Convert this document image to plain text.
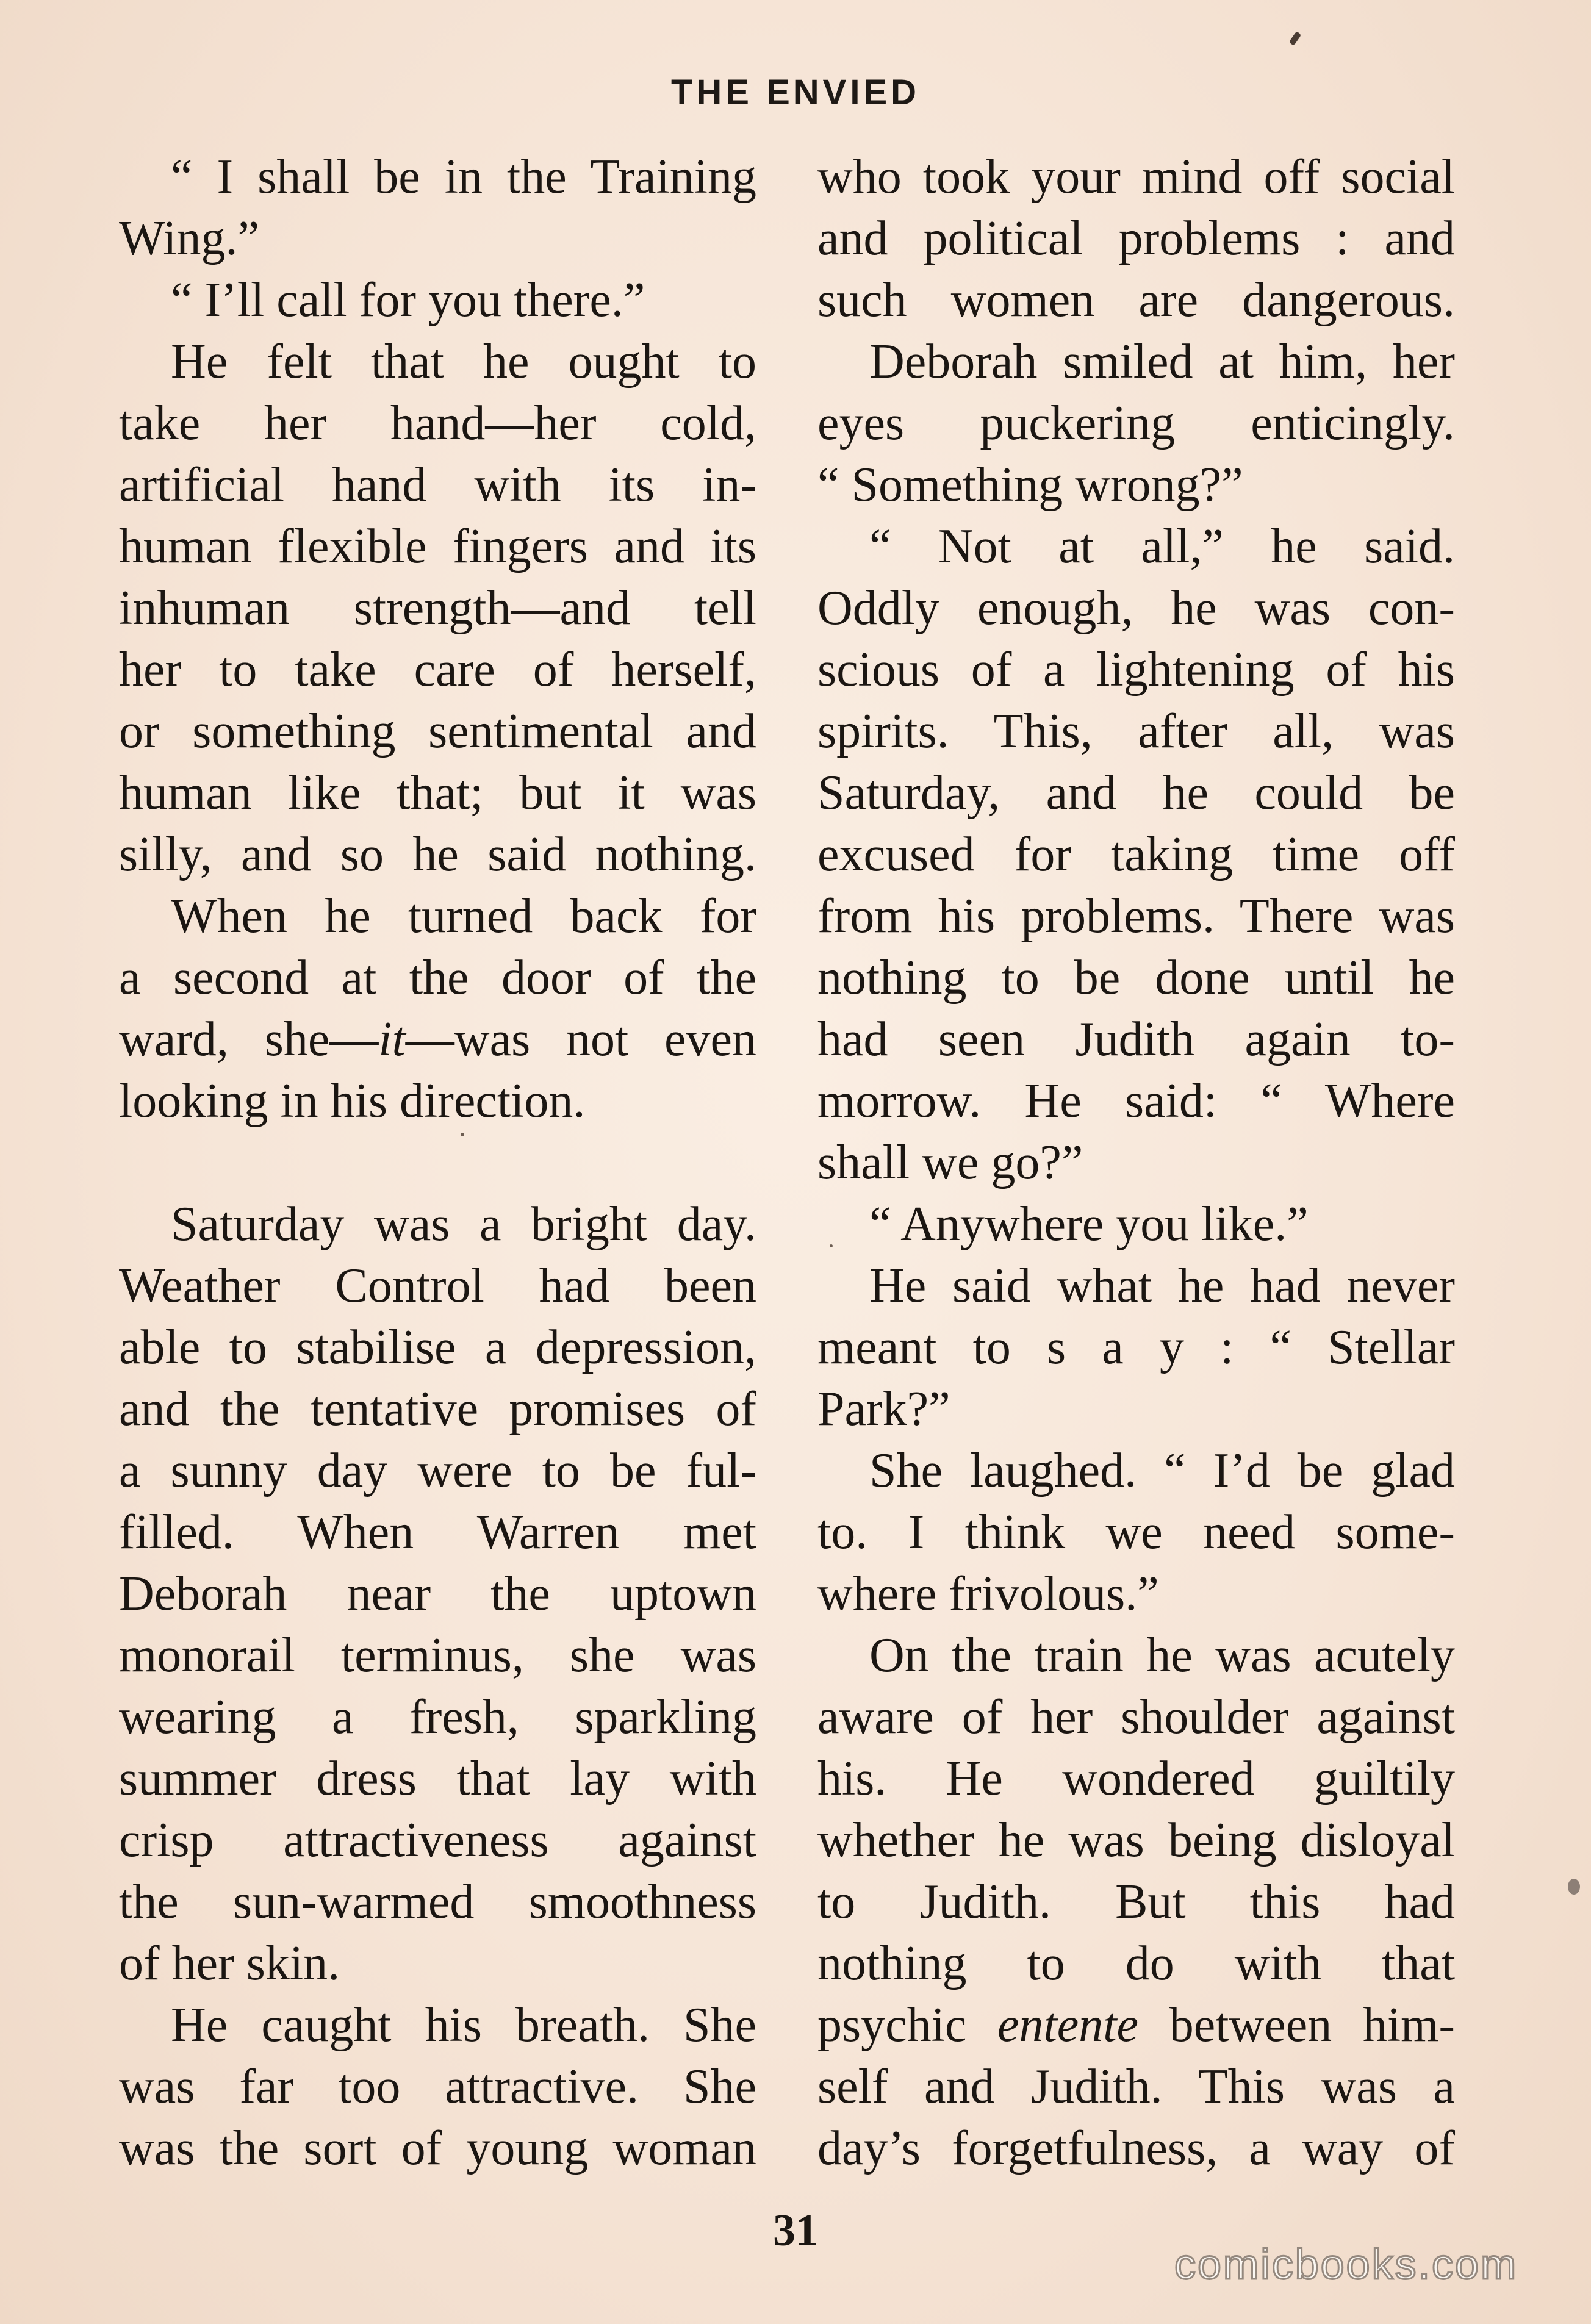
THE ENVIED
“ I shall be in the Training
Wing.”
“ I’ll call for you there.”
He felt that he ought to
take her hand—her cold,
artificial hand with its in-
human flexible fingers and its
inhuman strength—and tell
her to take care of herself,
or something sentimental and
human like that; but it was
silly, and so he said nothing.
When he turned back for
a second at the door of the
ward, she—it—was not even
looking in his direction.
Saturday was a bright day.
Weather Control had been
able to stabilise a depression,
and the tentative promises of
a sunny day were to be ful-
filled. When Warren met
Deborah near the uptown
monorail terminus, she was
wearing a fresh, sparkling
summer dress that lay with
crisp attractiveness against
the sun-warmed smoothness
of her skin.
He caught his breath. She
was far too attractive. She
was the sort of young woman
who took your mind off social
and political problems : and
such women are dangerous.
Deborah smiled at him, her
eyes puckering enticingly.
“ Something wrong?”
“ Not at all,” he said.
Oddly enough, he was con-
scious of a lightening of his
spirits. This, after all, was
Saturday, and he could be
excused for taking time off
from his problems. There was
nothing to be done until he
had seen Judith again to-
morrow. He said: “ Where
shall we go?”
“ Anywhere you like.”
He said what he had never
meant to s a y : “ Stellar
Park?”
She laughed. “ I’d be glad
to. I think we need some-
where frivolous.”
On the train he was acutely
aware of her shoulder against
his. He wondered guiltily
whether he was being disloyal
to Judith. But this had
nothing to do with that
psychic entente between him-
self and Judith. This was a
day’s forgetfulness, a way of
31
comicbooks.com
